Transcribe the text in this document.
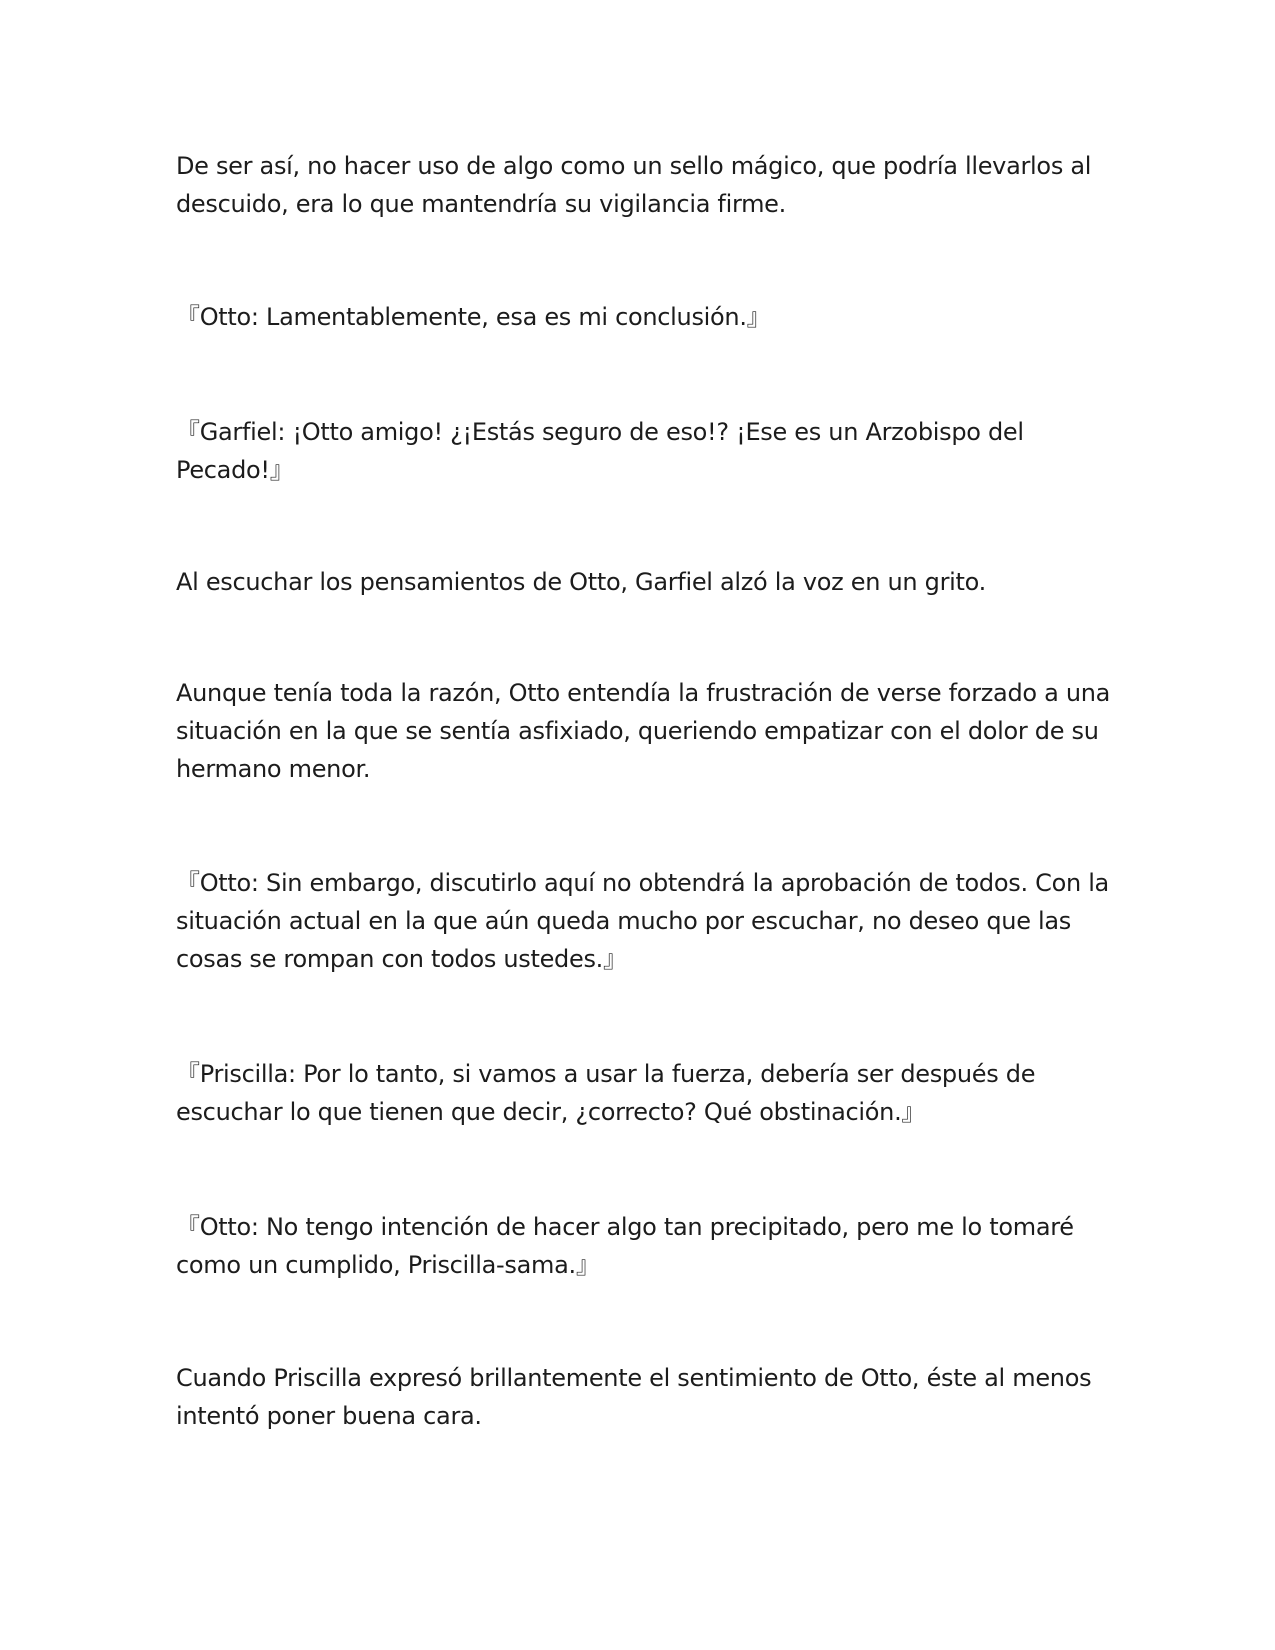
De ser así, no hacer uso de algo como un sello mágico, que podría llevarlos al descuido, era lo que mantendría su vigilancia firme.

『Otto: Lamentablemente, esa es mi conclusión.』

『Garfiel: ¡Otto amigo! ¿¡Estás seguro de eso!? ¡Ese es un Arzobispo del Pecado!』

Al escuchar los pensamientos de Otto, Garfiel alzó la voz en un grito.

Aunque tenía toda la razón, Otto entendía la frustración de verse forzado a una situación en la que se sentía asfixiado, queriendo empatizar con el dolor de su hermano menor.

『Otto: Sin embargo, discutirlo aquí no obtendrá la aprobación de todos. Con la situación actual en la que aún queda mucho por escuchar, no deseo que las cosas se rompan con todos ustedes.』

『Priscilla: Por lo tanto, si vamos a usar la fuerza, debería ser después de escuchar lo que tienen que decir, ¿correcto? Qué obstinación.』

『Otto: No tengo intención de hacer algo tan precipitado, pero me lo tomaré como un cumplido, Priscilla-sama.』

Cuando Priscilla expresó brillantemente el sentimiento de Otto, éste al menos intentó poner buena cara.
